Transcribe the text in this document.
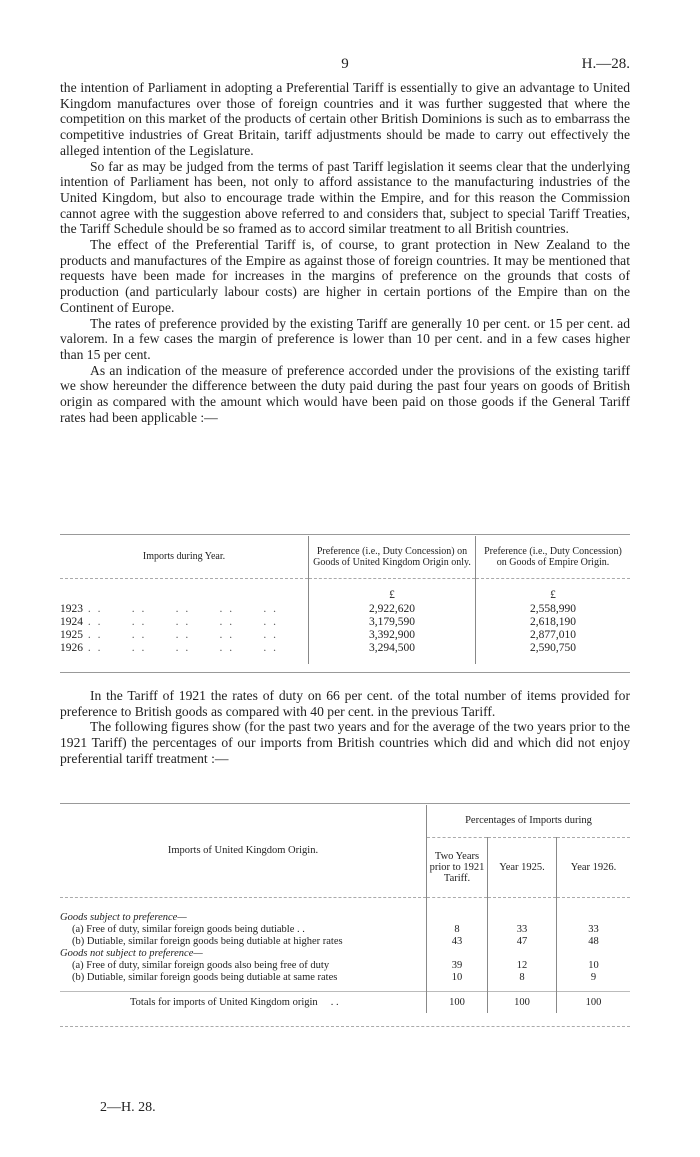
9	H.—28.

the intention of Parliament in adopting a Preferential Tariff is essentially to give an advantage to United Kingdom manufactures over those of foreign countries and it was further suggested that where the competition on this market of the products of certain other British Dominions is such as to embarrass the competitive industries of Great Britain, tariff adjustments should be made to carry out effectively the alleged intention of the Legislature.

So far as may be judged from the terms of past Tariff legislation it seems clear that the underlying intention of Parliament has been, not only to afford assistance to the manufacturing industries of the United Kingdom, but also to encourage trade within the Empire, and for this reason the Commission cannot agree with the suggestion above referred to and considers that, subject to special Tariff Treaties, the Tariff Schedule should be so framed as to accord similar treatment to all British countries.

The effect of the Preferential Tariff is, of course, to grant protection in New Zealand to the products and manufactures of the Empire as against those of foreign countries. It may be mentioned that requests have been made for increases in the margins of preference on the grounds that costs of production (and particularly labour costs) are higher in certain portions of the Empire than on the Continent of Europe.

The rates of preference provided by the existing Tariff are generally 10 per cent. or 15 per cent. ad valorem. In a few cases the margin of preference is lower than 10 per cent. and in a few cases higher than 15 per cent.

As an indication of the measure of preference accorded under the provisions of the existing tariff we show hereunder the difference between the duty paid during the past four years on goods of British origin as compared with the amount which would have been paid on those goods if the General Tariff rates had been applicable :—

Imports during Year.	Preference (i.e., Duty Concession) on Goods of United Kingdom Origin only.	Preference (i.e., Duty Concession) on Goods of Empire Origin.

	£	£
1923 . .      . .      . .      . .      . .	2,922,620	2,558,990
1924 . .      . .      . .      . .      . .	3,179,590	2,618,190
1925 . .      . .      . .      . .      . .	3,392,900	2,877,010
1926 . .      . .      . .      . .      . .	3,294,500	2,590,750

In the Tariff of 1921 the rates of duty on 66 per cent. of the total number of items provided for preference to British goods as compared with 40 per cent. in the previous Tariff.

The following figures show (for the past two years and for the average of the two years prior to the 1921 Tariff) the percentages of our imports from British countries which did and which did not enjoy preferential tariff treatment :—

Imports of United Kingdom Origin.	Percentages of Imports during		
	Two Years prior to 1921 Tariff.	Year 1925.	Year 1926.

Goods subject to preference—			
(a) Free of duty, similar foreign goods being dutiable . .	8	33	33
(b) Dutiable, similar foreign goods being dutiable at higher rates	43	47	48
Goods not subject to preference—			
(a) Free of duty, similar foreign goods also being free of duty	39	12	10
(b) Dutiable, similar foreign goods being dutiable at same rates	10	8	9

Totals for imports of United Kingdom origin . .	100	100	100
2—H. 28.
